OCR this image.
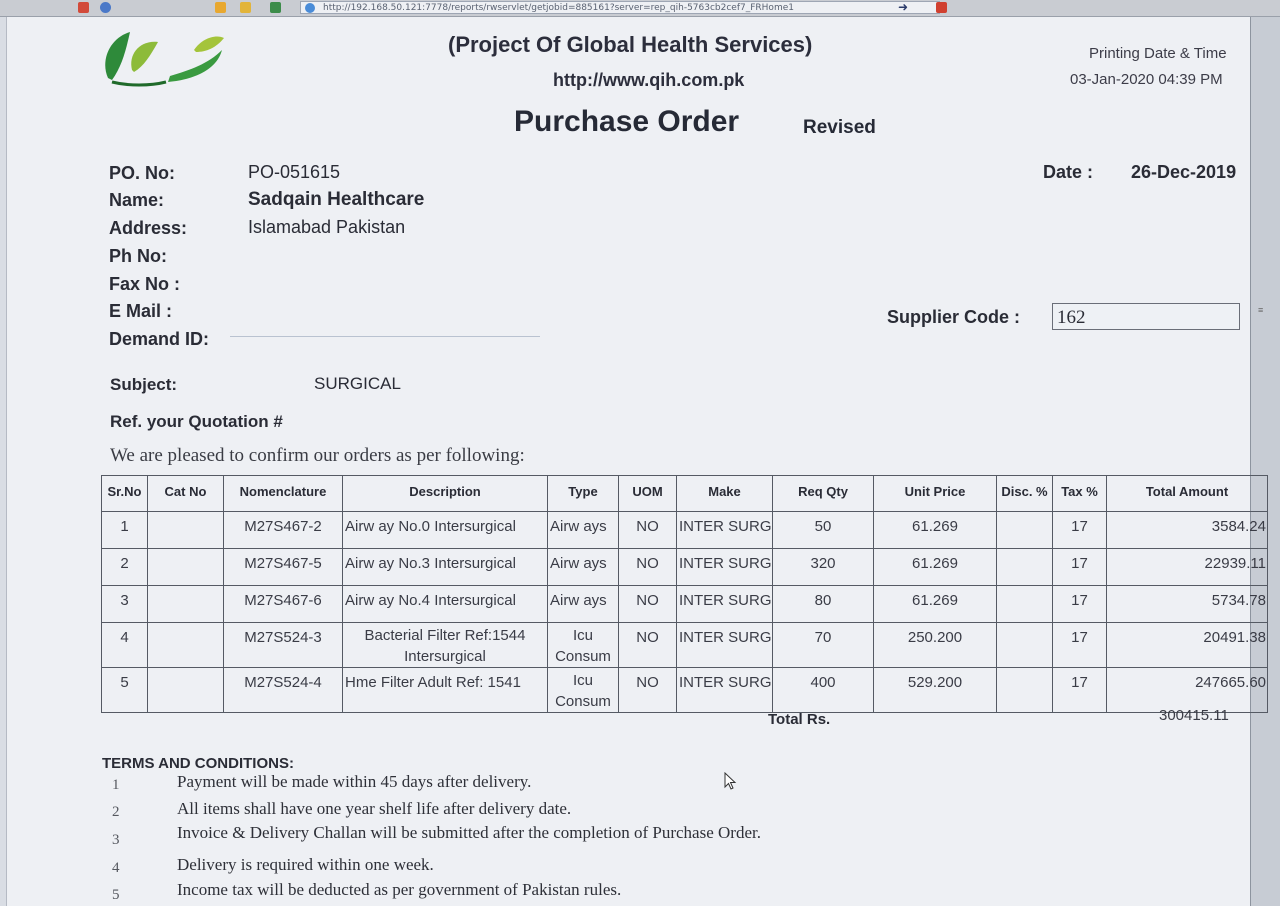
http://192.168.50.121:7778/reports/rwservlet/getjobid=885161?server=rep_qih-5763cb2cef7_FRHome1	➜
≡
(Project Of Global Health Services)
http://www.qih.com.pk
Printing Date & Time
03-Jan-2020 04:39 PM
Purchase Order	Revised
PO. No:	PO-051615
Name:	Sadqain Healthcare
Address:	Islamabad Pakistan
Ph No:
Fax No :
E Mail :
Demand ID:
Date : 26-Dec-2019
Supplier Code : 162
Subject:	SURGICAL
Ref. your Quotation #
We are pleased to confirm our orders as per following:
Sr.No	Cat No	Nomenclature	Description	Type	UOM	Make	Req Qty	Unit Price	Disc. %	Tax %	Total Amount
1		M27S467-2	Airw ay No.0 Intersurgical	Airw ays	NO	INTER SURG	50	61.269		17	3584.24
2		M27S467-5	Airw ay No.3 Intersurgical	Airw ays	NO	INTER SURG	320	61.269		17	22939.11
3		M27S467-6	Airw ay No.4 Intersurgical	Airw ays	NO	INTER SURG	80	61.269		17	5734.78
4		M27S524-3	Bacterial Filter Ref:1544 Intersurgical	Icu Consum	NO	INTER SURG	70	250.200		17	20491.38
5		M27S524-4	Hme Filter Adult Ref: 1541	Icu Consum	NO	INTER SURG	400	529.200		17	247665.60
Total Rs.	300415.11
TERMS AND CONDITIONS:
1	Payment will be made within 45 days after delivery.
2	All items shall have one year shelf life after delivery date.
3	Invoice & Delivery Challan will be submitted after the completion of Purchase Order.
4	Delivery is required within one week.
5	Income tax will be deducted as per government of Pakistan rules.
